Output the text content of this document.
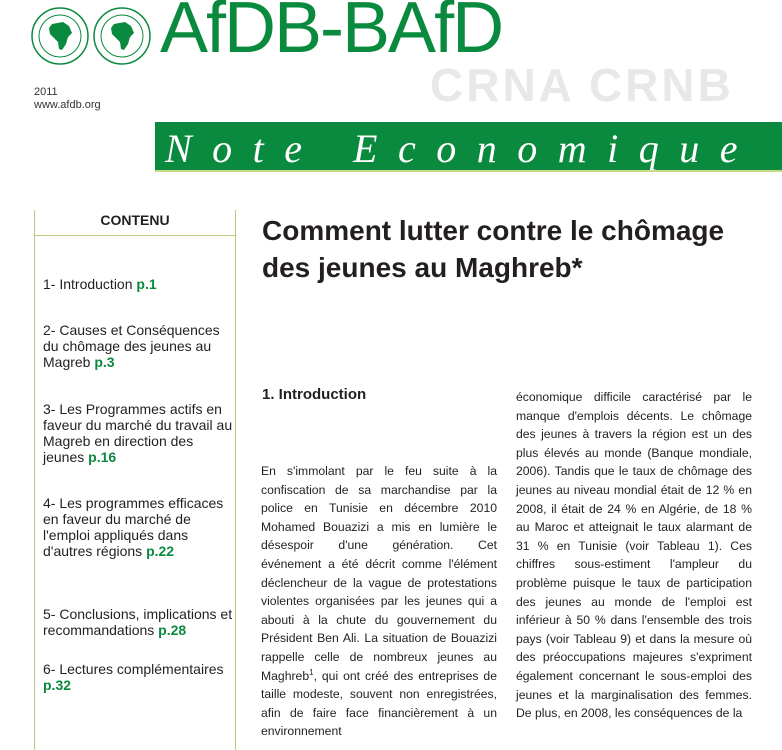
CRNA CRNB
AfDB-BAfD
2011
www.afdb.org
Note Economique
CONTENU
1- Introduction p.1
2- Causes et Conséquences du chômage des jeunes au Magreb p.3
3- Les Programmes actifs en faveur du marché du travail au Magreb en direction des jeunes p.16
4- Les programmes efficaces en faveur du marché de l'emploi appliqués dans d'autres régions p.22
5- Conclusions, implications et recommandations p.28
6- Lectures complémentaires p.32
Comment lutter contre le chômage des jeunes au Maghreb*
1. Introduction
En s'immolant par le feu suite à la confiscation de sa marchandise par la police en Tunisie en décembre 2010 Mohamed Bouazizi a mis en lumière le désespoir d'une génération. Cet événement a été décrit comme l'élément déclencheur de la vague de protestations violentes organisées par les jeunes qui a abouti à la chute du gouvernement du Président Ben Ali. La situation de Bouazizi rappelle celle de nombreux jeunes au Maghreb$^1$, qui ont créé des entreprises de taille modeste, souvent non enregistrées, afin de faire face financièrement à un environnement
économique difficile caractérisé par le manque d'emplois décents. Le chômage des jeunes à travers la région est un des plus élevés au monde (Banque mondiale, 2006). Tandis que le taux de chômage des jeunes au niveau mondial était de 12 % en 2008, il était de 24 % en Algérie, de 18 % au Maroc et atteignait le taux alarmant de 31 % en Tunisie (voir Tableau 1). Ces chiffres sous-estiment l'ampleur du problème puisque le taux de participation des jeunes au monde de l'emploi est inférieur à 50 % dans l'ensemble des trois pays (voir Tableau 9) et dans la mesure où des préoccupations majeures s'expriment également concernant le sous-emploi des jeunes et la marginalisation des femmes. De plus, en 2008, les conséquences de la
